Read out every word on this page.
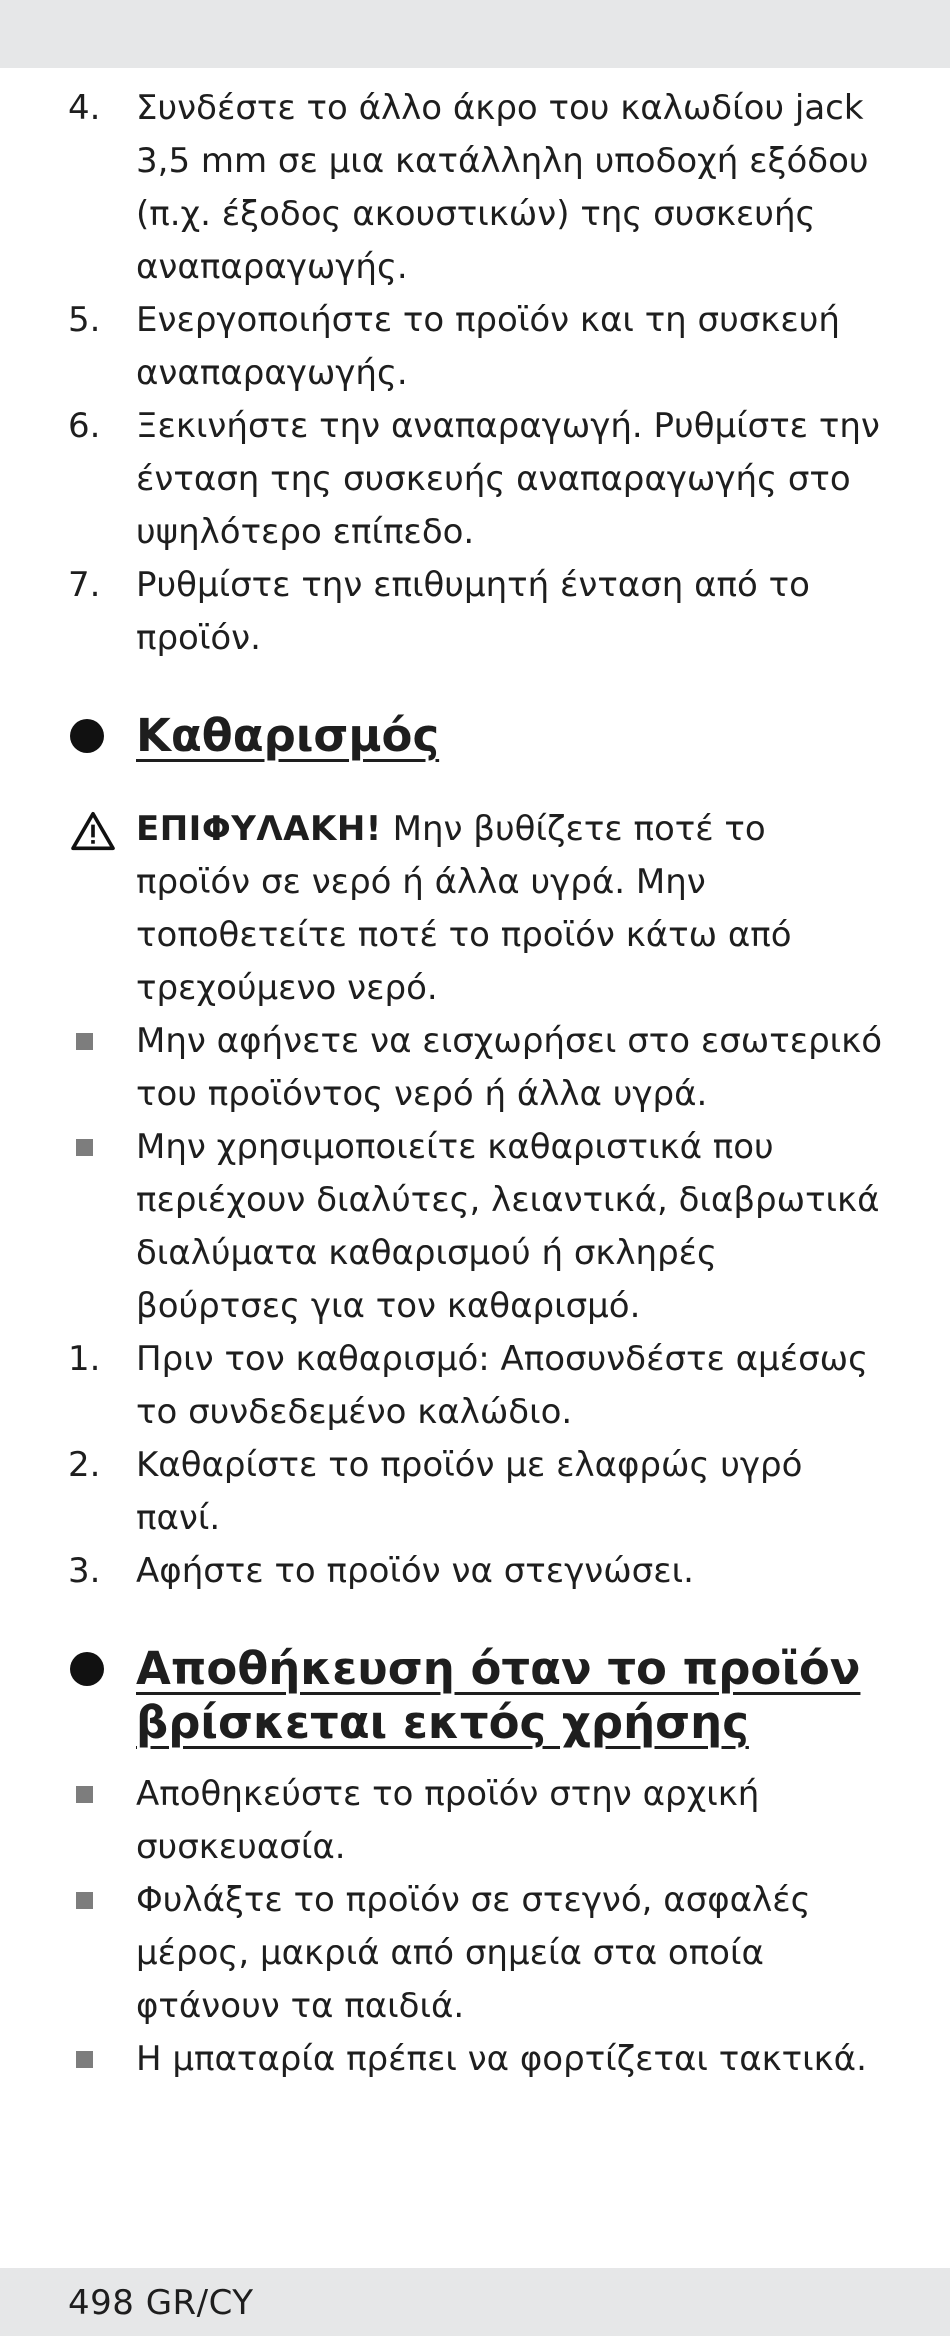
4. Συνδέστε το άλλο άκρο του καλωδίου jack 3,5 mm σε μια κατάλληλη υποδοχή εξόδου (π.χ. έξοδος ακουστικών) της συσκευής αναπαραγωγής.
5. Ενεργοποιήστε το προϊόν και τη συσκευή αναπαραγωγής.
6. Ξεκινήστε την αναπαραγωγή. Ρυθμίστε την ένταση της συσκευής αναπαραγωγής στο υψηλότερο επίπεδο.
7. Ρυθμίστε την επιθυμητή ένταση από το προϊόν.
Καθαρισμός
ΕΠΙΦΥΛΑΚΗ! Μην βυθίζετε ποτέ το προϊόν σε νερό ή άλλα υγρά. Μην τοποθετείτε ποτέ το προϊόν κάτω από τρεχούμενο νερό.
Μην αφήνετε να εισχωρήσει στο εσωτερικό του προϊόντος νερό ή άλλα υγρά.
Μην χρησιμοποιείτε καθαριστικά που περιέχουν διαλύτες, λειαντικά, διαβρωτικά διαλύματα καθαρισμού ή σκληρές βούρτσες για τον καθαρισμό.
1. Πριν τον καθαρισμό: Αποσυνδέστε αμέσως το συνδεδεμένο καλώδιο.
2. Καθαρίστε το προϊόν με ελαφρώς υγρό πανί.
3. Αφήστε το προϊόν να στεγνώσει.
Αποθήκευση όταν το προϊόν βρίσκεται εκτός χρήσης
Αποθηκεύστε το προϊόν στην αρχική συσκευασία.
Φυλάξτε το προϊόν σε στεγνό, ασφαλές μέρος, μακριά από σημεία στα οποία φτάνουν τα παιδιά.
Η μπαταρία πρέπει να φορτίζεται τακτικά.
498 GR/CY
